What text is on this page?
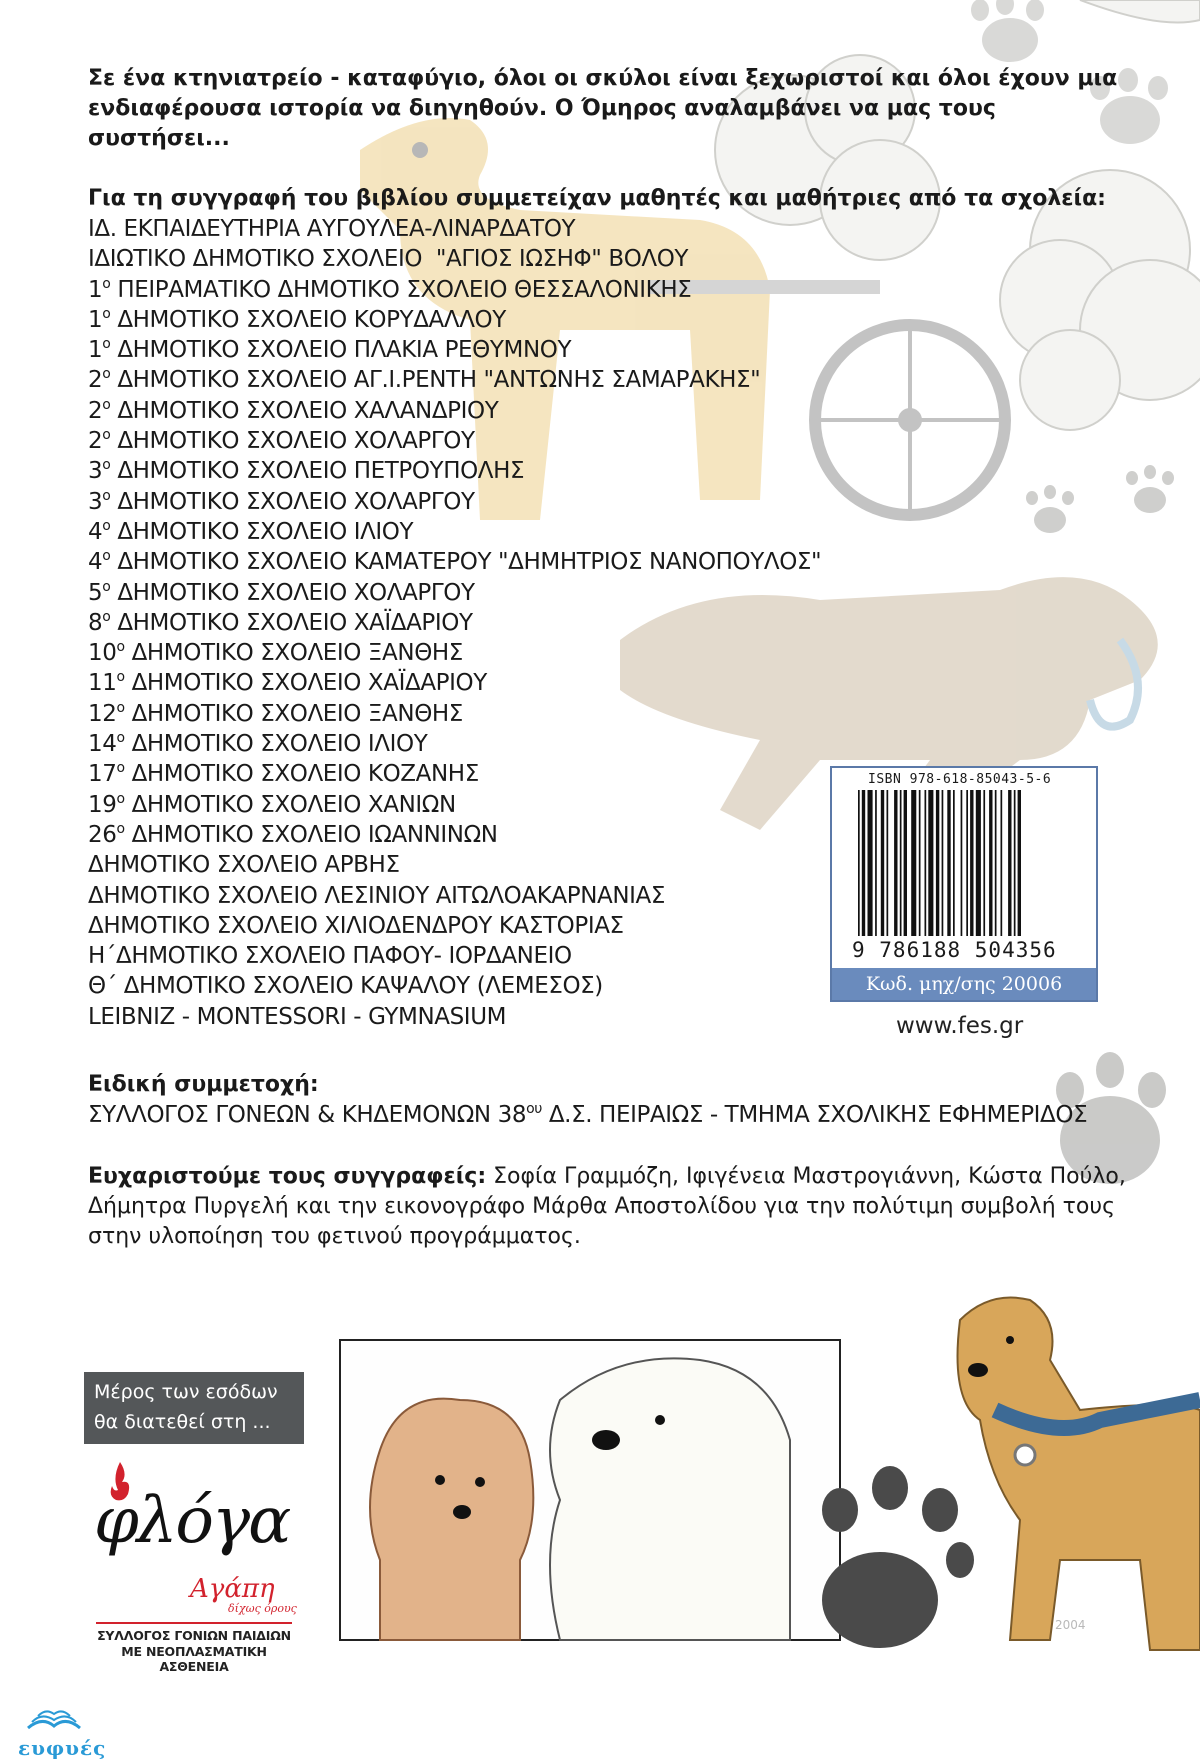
Σε ένα κτηνιατρείο - καταφύγιο, όλοι οι σκύλοι είναι ξεχωριστοί και όλοι έχουν μια ενδιαφέρουσα ιστορία να διηγηθούν. Ο Όμηρος αναλαμβάνει να μας τους συστήσει...

Για τη συγγραφή του βιβλίου συμμετείχαν μαθητές και μαθήτριες από τα σχολεία:

ΙΔ. ΕΚΠΑΙΔΕΥΤΗΡΙΑ ΑΥΓΟΥΛΕΑ-ΛΙΝΑΡΔΑΤΟΥ
ΙΔΙΩΤΙΚΟ ΔΗΜΟΤΙΚΟ ΣΧΟΛΕΙΟ  "ΑΓΙΟΣ ΙΩΣΗΦ" ΒΟΛΟΥ
$1^o$ ΠΕΙΡΑΜΑΤΙΚΟ ΔΗΜΟΤΙΚΟ ΣΧΟΛΕΙΟ ΘΕΣΣΑΛΟΝΙΚΗΣ
$1^o$ ΔΗΜΟΤΙΚΟ ΣΧΟΛΕΙΟ ΚΟΡΥΔΑΛΛΟΥ
$1^o$ ΔΗΜΟΤΙΚΟ ΣΧΟΛΕΙΟ ΠΛΑΚΙΑ ΡΕΘΥΜΝΟΥ
$2^o$ ΔΗΜΟΤΙΚΟ ΣΧΟΛΕΙΟ ΑΓ.Ι.ΡΕΝΤΗ "ΑΝΤΩΝΗΣ ΣΑΜΑΡΑΚΗΣ"
$2^o$ ΔΗΜΟΤΙΚΟ ΣΧΟΛΕΙΟ ΧΑΛΑΝΔΡΙΟΥ
$2^o$ ΔΗΜΟΤΙΚΟ ΣΧΟΛΕΙΟ ΧΟΛΑΡΓΟΥ
$3^o$ ΔΗΜΟΤΙΚΟ ΣΧΟΛΕΙΟ ΠΕΤΡΟΥΠΟΛΗΣ
$3^o$ ΔΗΜΟΤΙΚΟ ΣΧΟΛΕΙΟ ΧΟΛΑΡΓΟΥ
$4^o$ ΔΗΜΟΤΙΚΟ ΣΧΟΛΕΙΟ ΙΛΙΟΥ
$4^o$ ΔΗΜΟΤΙΚΟ ΣΧΟΛΕΙΟ ΚΑΜΑΤΕΡΟΥ "ΔΗΜΗΤΡΙΟΣ ΝΑΝΟΠΟΥΛΟΣ"
$5^o$ ΔΗΜΟΤΙΚΟ ΣΧΟΛΕΙΟ ΧΟΛΑΡΓΟΥ
$8^o$ ΔΗΜΟΤΙΚΟ ΣΧΟΛΕΙΟ ΧΑΪΔΑΡΙΟΥ
$10^o$ ΔΗΜΟΤΙΚΟ ΣΧΟΛΕΙΟ ΞΑΝΘΗΣ
$11^o$ ΔΗΜΟΤΙΚΟ ΣΧΟΛΕΙΟ ΧΑΪΔΑΡΙΟΥ
$12^o$ ΔΗΜΟΤΙΚΟ ΣΧΟΛΕΙΟ ΞΑΝΘΗΣ
$14^o$ ΔΗΜΟΤΙΚΟ ΣΧΟΛΕΙΟ ΙΛΙΟΥ
$17^o$ ΔΗΜΟΤΙΚΟ ΣΧΟΛΕΙΟ ΚΟΖΑΝΗΣ
$19^o$ ΔΗΜΟΤΙΚΟ ΣΧΟΛΕΙΟ ΧΑΝΙΩΝ
$26^o$ ΔΗΜΟΤΙΚΟ ΣΧΟΛΕΙΟ ΙΩΑΝΝΙΝΩΝ
ΔΗΜΟΤΙΚΟ ΣΧΟΛΕΙΟ ΑΡΒΗΣ
ΔΗΜΟΤΙΚΟ ΣΧΟΛΕΙΟ ΛΕΣΙΝΙΟΥ ΑΙΤΩΛΟΑΚΑΡΝΑΝΙΑΣ
ΔΗΜΟΤΙΚΟ ΣΧΟΛΕΙΟ ΧΙΛΙΟΔΕΝΔΡΟΥ ΚΑΣΤΟΡΙΑΣ
Η΄ΔΗΜΟΤΙΚΟ ΣΧΟΛΕΙΟ ΠΑΦΟΥ- ΙΟΡΔΑΝΕΙΟ
Θ΄ ΔΗΜΟΤΙΚΟ ΣΧΟΛΕΙΟ ΚΑΨΑΛΟΥ (ΛΕΜΕΣΟΣ)
LEIBNIZ - MONTESSORI - GYMNASIUM

Ειδική συμμετοχή:

ΣΥΛΛΟΓΟΣ ΓΟΝΕΩΝ & ΚΗΔΕΜΟΝΩΝ $38^{o\upsilon}$ Δ.Σ. ΠΕΙΡΑΙΩΣ - ΤΜΗΜΑ ΣΧΟΛΙΚΗΣ ΕΦΗΜΕΡΙΔΟΣ

Ευχαριστούμε τους συγγραφείς: Σοφία Γραμμόζη, Ιφιγένεια Μαστρογιάννη, Κώστα Πούλο, Δήμητρα Πυργελή και την εικονογράφο Μάρθα Αποστολίδου για την πολύτιμη συμβολή τους στην υλοποίηση του φετινού προγράμματος.

ISBN 978-618-85043-5-6
9 786188 504356
Κωδ. μηχ/σης 20006
www.fes.gr
Μέρος των εσόδων
θα διατεθεί στη ...
φλόγα
Αγάπη
δίχως όρους
ΣΥΛΛΟΓΟΣ ΓΟΝΙΩΝ ΠΑΙΔΙΩΝ
ΜΕ ΝΕΟΠΛΑΣΜΑΤΙΚΗ ΑΣΘΕΝΕΙΑ
ευφυές
2004
